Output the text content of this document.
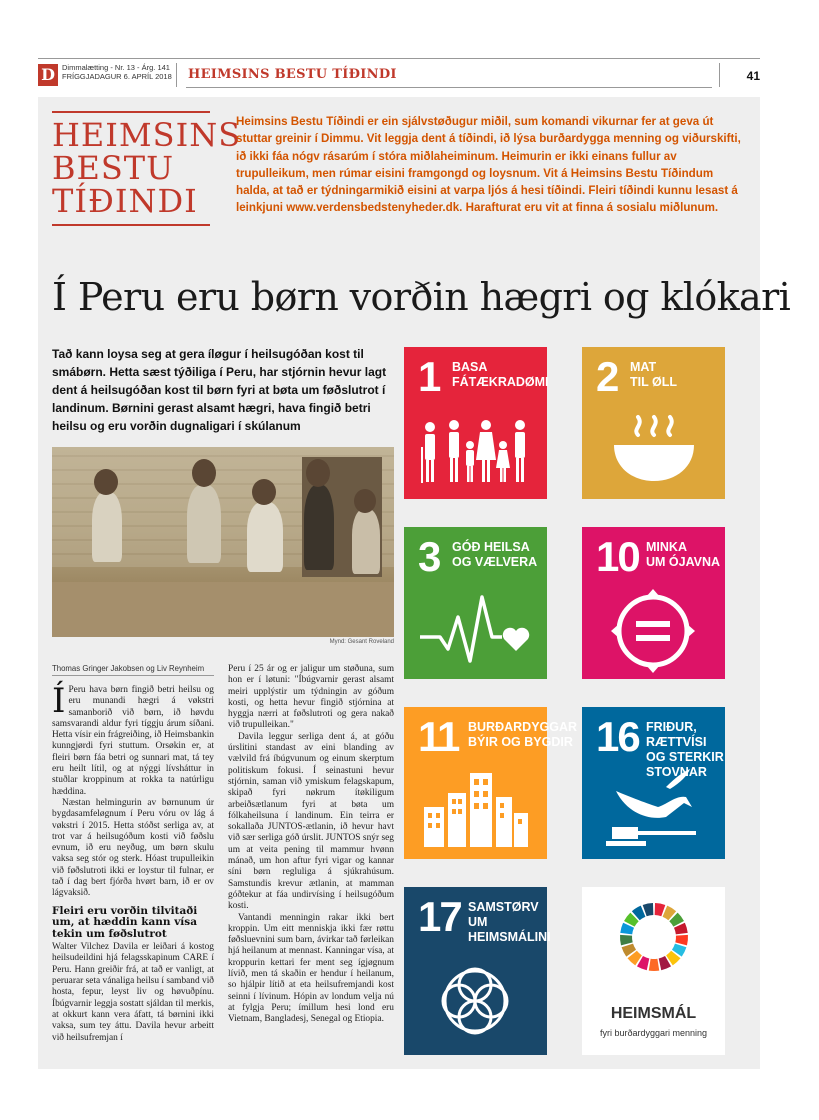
D Dimmalætting - Nr. 13 - Árg. 141
FRÍGGJADAGUR 6. APRÍL 2018 HEIMSINS BESTU TÍÐINDI	41
HEIMSINS
BESTU
TÍÐINDI
Heimsins Bestu Tíðindi er ein sjálvstøðugur miðil, sum komandi vikurnar fer at geva út stuttar greinir í Dimmu. Vit leggja dent á tíðindi, ið lýsa burðardygga menning og viðurskifti, ið ikki fáa nógv rásarúm í stóra miðlaheiminum. Heimurin er ikki einans fullur av trupulleikum, men rúmar eisini framgongd og loysnum. Vit á Heimsins Bestu Tíðindum halda, at tað er týdningarmikið eisini at varpa ljós á hesi tíðindi. Fleiri tíðindi kunnu lesast á leinkjuni www.verdensbedstenyheder.dk. Harafturat eru vit at finna á sosialu miðlunum.
Í Peru eru børn vorðin hægri og klókari
Tað kann loysa seg at gera íløgur í heilsugóðan kost til smábørn. Hetta sæst týðiliga í Peru, har stjórnin hevur lagt dent á heilsugóðan kost til børn fyri at bøta um føðslutrot í landinum. Børnini gerast alsamt hægri, hava fingið betri heilsu og eru vorðin dugnaligari í skúlanum
Mynd: Gesant Roveland
Thomas Gringer Jakobsen og Liv Reynheim

Í Peru hava børn fingið betri heilsu og eru munandi hægri á vøkstri samanborið við børn, ið høvdu samsvarandi aldur fyri tíggju árum síðani. Hetta vísir ein frágreiðing, ið Heimsbankin kunngjørdi fyri stuttum. Orsøkin er, at fleiri børn fáa betri og sunnari mat, tá tey eru heilt lítil, og at nýggi lívsháttur in stuðlar kroppinum at rokka ta natúrligu hæddina.

Næstan helmingurin av børnunum úr bygdasamfeløgnum í Peru vóru ov lág á vøkstri í 2015. Hetta stóðst serliga av, at trot var á heilsugóðum kosti við føðslu evnum, ið eru neyðug, um børn skulu vaksa seg stór og sterk. Hóast trupulleikin við føðslutroti ikki er loystur til fulnar, er tað í dag bert fjórða hvørt barn, ið er ov lágvaksið.

Fleiri eru vorðin tilvitaði um, at hæddin kann vísa tekin um føðslutrot

Walter Vilchez Davila er leiðari á kostog heilsudeildini hjá felagsskapinum CARE í Peru. Hann greiðir frá, at tað er vanligt, at peruarar seta vánaliga heilsu í samband við hosta, fepur, leyst liv og høvuðpínu. Íbúgvarnir leggja sostatt sjáldan til merkis, at okkurt kann vera áfatt, tá børnini ikki vaksa, sum tey áttu. Davila hevur arbeitt við heilsufremjan í

Peru í 25 ár og er jaligur um støðuna, sum hon er í løtuni: "Íbúgvarnir gerast alsamt meiri upplýstir um týdningin av góðum kosti, og hetta hevur fingið stjórnina at hyggja nærri at føðslutroti og gera nakað við trupulleikan."

Davila leggur serliga dent á, at góðu úrslitini standast av eini blanding av vælvild frá íbúgvunum og einum skerptum politiskum fokusi. Í seinastuni hevur stjórnin, saman við ymiskum felagskapum, skipað fyri nøkrum ítøkiligum arbeiðsætlanum fyri at bøta um fólkaheilsuna í landinum. Ein teirra er sokallaða JUNTOS-ætlanin, ið hevur havt við sær serliga góð úrslit. JUNTOS snýr seg um at veita pening til mammur hvønn mánað, um hon aftur fyri vigar og kannar síni børn regluliga á sjúkrahúsum. Samstundis krevur ætlanin, at mamman góðtekur at fáa undirvísing í heilsugóðum kosti.

Vantandi menningin rakar ikki bert kroppin. Um eitt menniskja ikki fær røttu føðsluevnini sum barn, ávirkar tað førleikan hjá heilanum at mennast. Kanningar vísa, at kroppurin kettari fer ment seg ígjøgnum lívið, men tá skaðin er hendur í heilanum, so hjálpir lítið at eta heilsufremjandi kost seinni í lívinum. Hópin av londum velja nú at fylgja Peru; ímillum hesi lond eru Vietnam, Bangladesj, Senegal og Etiopia.

1 BASA
FÁTÆKRADØMI 2 MAT
TIL ØLL
3 GÓÐ HEILSA
OG VÆLVERA 10 MINKA
UM ÓJAVNA
11 BURÐARDYGGAR
BÝIR OG BYGDIR 16 FRIÐUR, RÆTTVÍSI
OG STERKIR STOVNAR
17 SAMSTØRV
UM HEIMSMÁLINI
HEIMSMÁL
fyri burðardyggari menning
